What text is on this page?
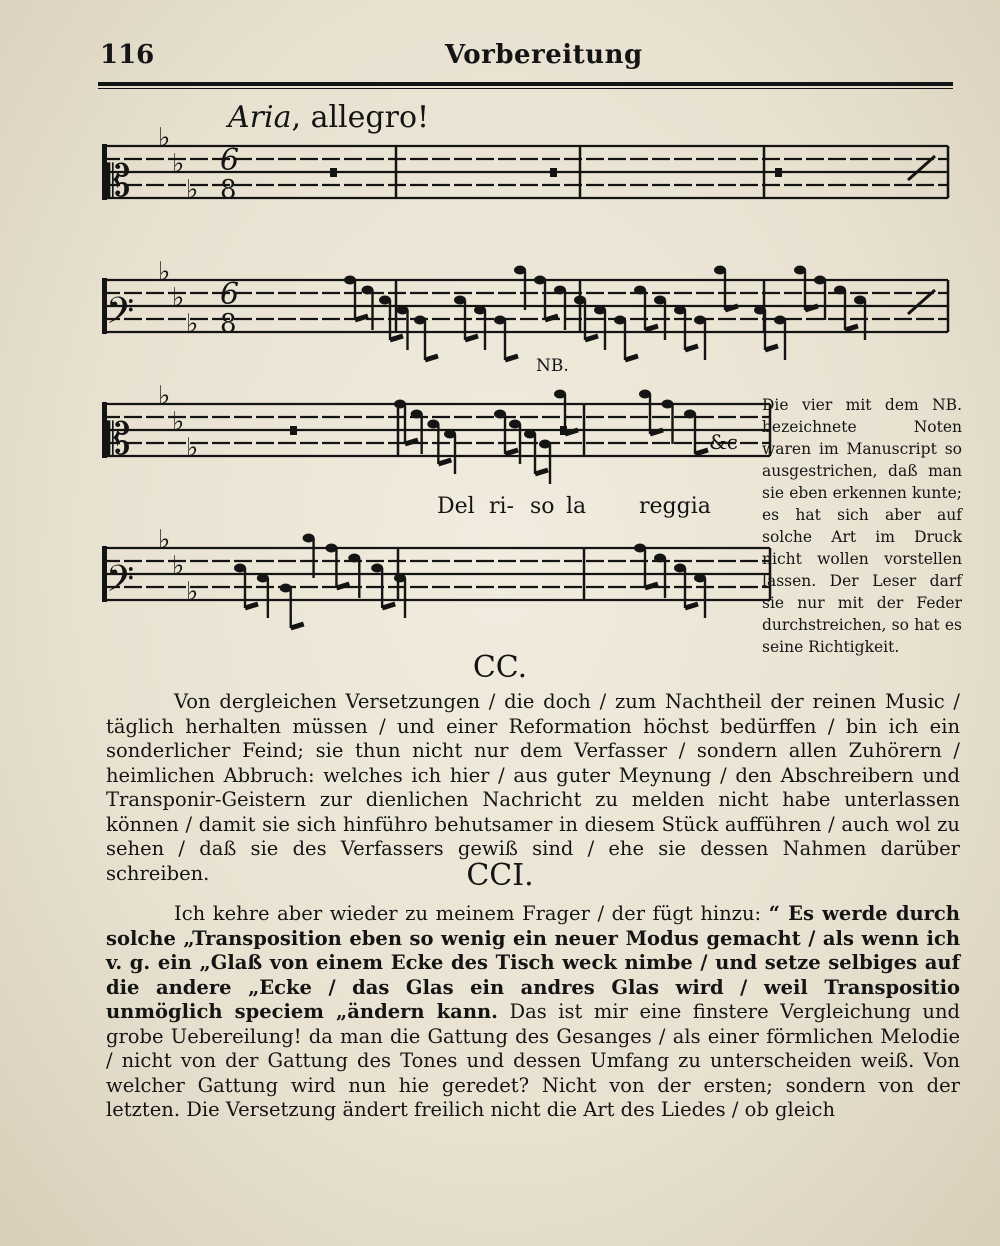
116	Vorbereitung
Aria, allegro!
𝄡
♭
♭
♭
𝄢
♭
♭
♭
𝄡
♭
♭
♭
𝄢
♭
♭
♭
6
8
6
8
NB.
Del ri- so la reggia
&c
Die vier mit dem NB. bezeichnete Noten waren im Manuscript so ausgestrichen, daß man sie eben erkennen kunte; es hat sich aber auf solche Art im Druck nicht wollen vorstellen lassen. Der Leser darf sie nur mit der Feder durchstreichen, so hat es seine Richtigkeit.
CC.

Von dergleichen Versetzungen / die doch / zum Nachtheil der reinen Music / täglich herhalten müssen / und einer Reformation höchst bedürffen / bin ich ein sonderlicher Feind; sie thun nicht nur dem Verfasser / sondern allen Zuhörern / heimlichen Abbruch: welches ich hier / aus guter Meynung / den Abschreibern und Transponir-Geistern zur dienlichen Nachricht zu melden nicht habe unterlassen können / damit sie sich hinführo behutsamer in diesem Stück aufführen / auch wol zu sehen / daß sie des Verfassers gewiß sind / ehe sie dessen Nahmen darüber schreiben.	CCI.

Ich kehre aber wieder zu meinem Frager / der fügt hinzu: “ Es werde durch solche „Transposition eben so wenig ein neuer Modus gemacht / als wenn ich v. g. ein „Glaß von einem Ecke des Tisch weck nimbe / und setze selbiges auf die andere „Ecke / das Glas ein andres Glas wird / weil Transpositio unmöglich speciem „ändern kann. Das ist mir eine finstere Vergleichung und grobe Uebereilung! da man die Gattung des Gesanges / als einer förmlichen Melodie / nicht von der Gattung des Tones und dessen Umfang zu unterscheiden weiß. Von welcher Gattung wird nun hie geredet? Nicht von der ersten; sondern von der letzten. Die Versetzung ändert freilich nicht die Art des Liedes / ob gleich
